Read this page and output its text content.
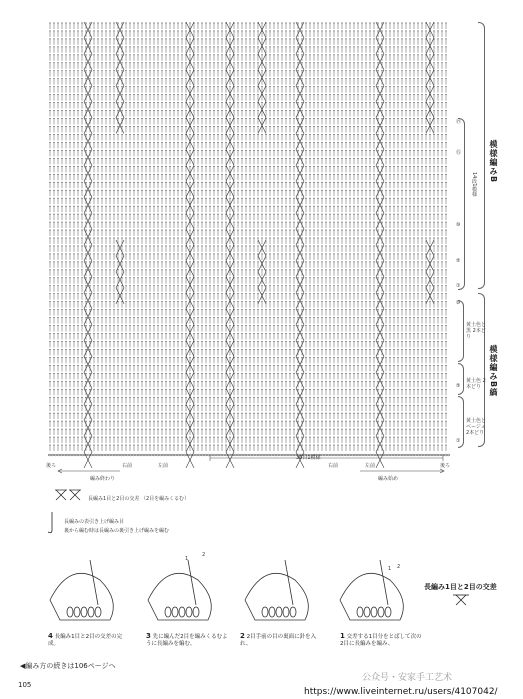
模様編みB
模様編みB縞
14段1模様
⑲
⑮
⑩
⑤
①
⑩
⑤
①
黄土色と黒 2本どり
黄土色 2本どり
黄土色と ベージュ 2本どり
後ろ	右前	左前
36目1模様
右前	左前	後ろ
編み終わり	編み始め
長編み1目と2目の交差 （2目を編みくるむ）
長編みの表引き上げ編み目
裏から編む時は長編みの裏引き上げ編みを編む
4 長編み1目と2目の交差の完成。
3 先に編んだ2目を編みくるむように長編みを編む。
2 2目手前の目の裏面に針を入れ、
1 交差する1目分をとばして次の2目に長編みを編み、
長編み1目と2目の交差
1
2
1 2
◀編み方の続きは106ページへ
105
公众号・安家手工艺术
https://www.liveinternet.ru/users/4107042/
